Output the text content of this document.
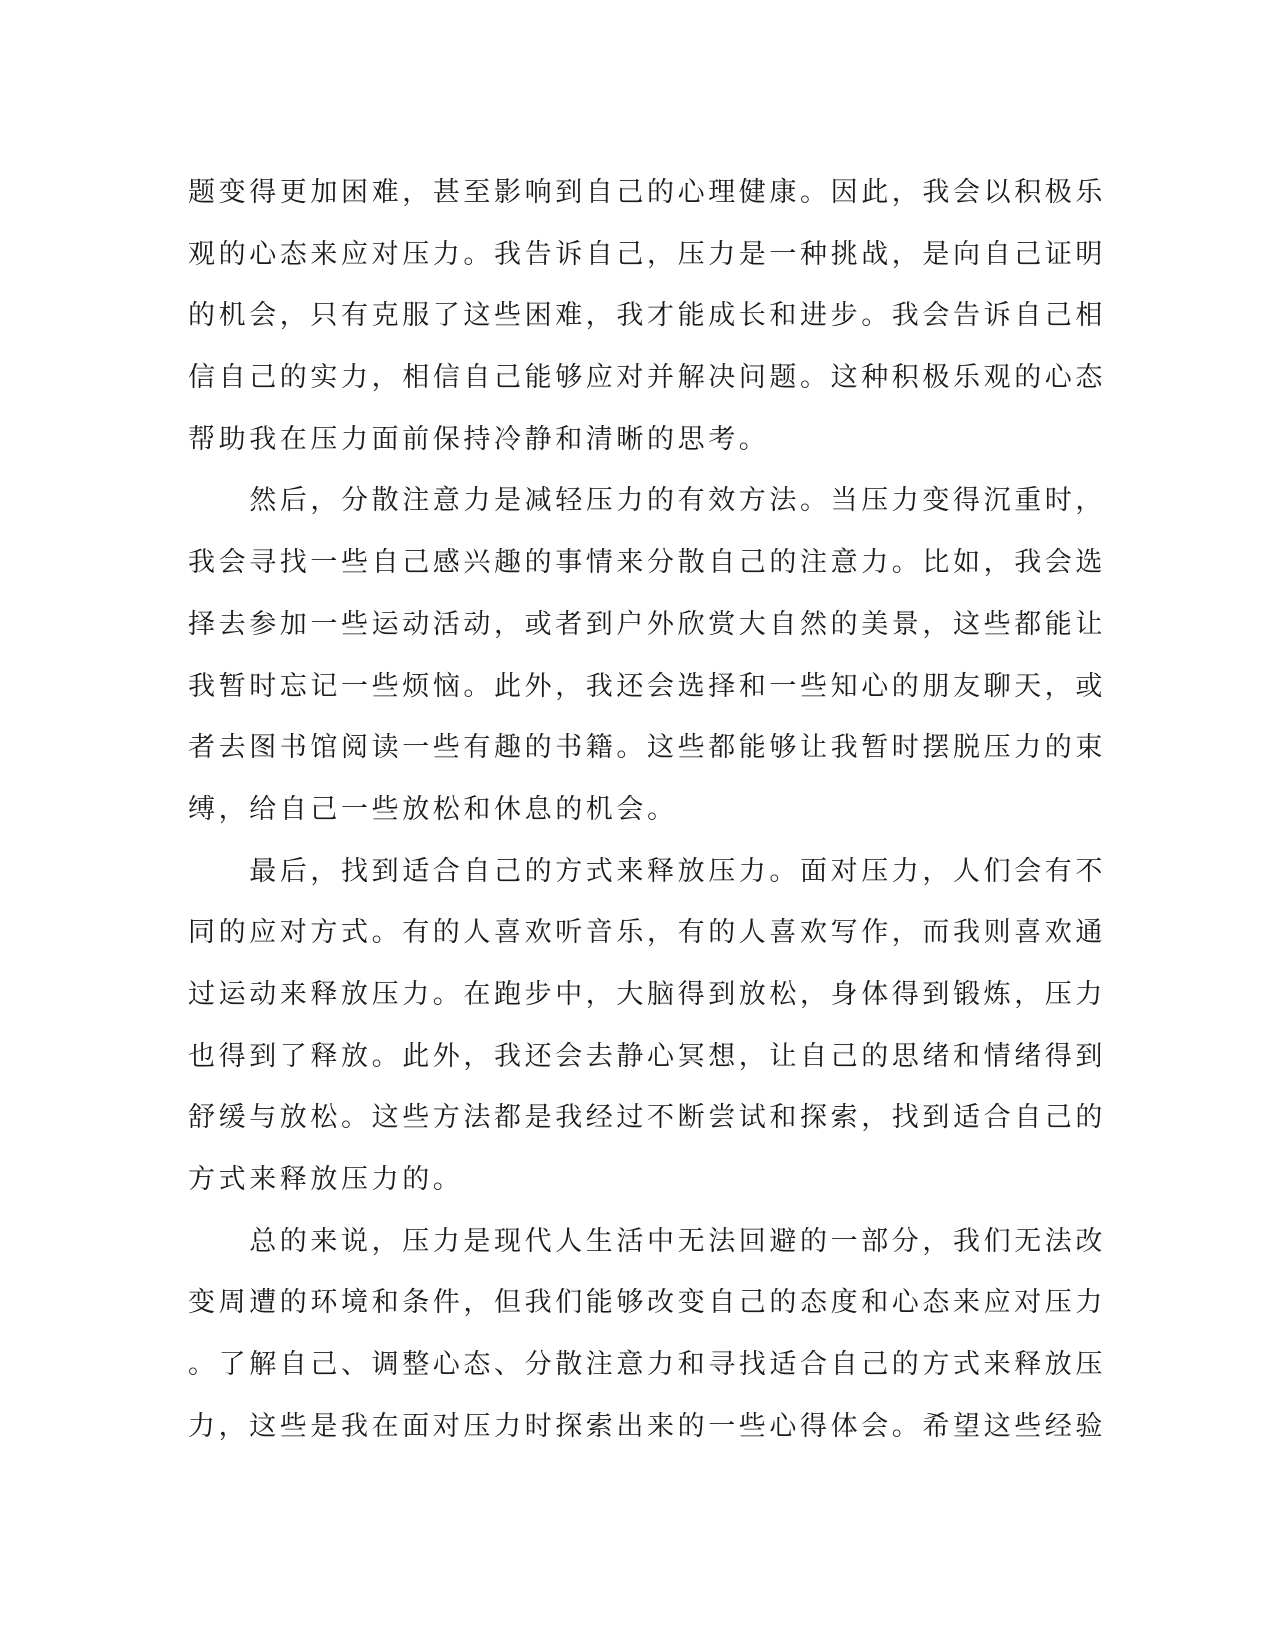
题变得更加困难，甚至影响到自己的心理健康。因此，我会以积极乐
观的心态来应对压力。我告诉自己，压力是一种挑战，是向自己证明
的机会，只有克服了这些困难，我才能成长和进步。我会告诉自己相
信自己的实力，相信自己能够应对并解决问题。这种积极乐观的心态
帮助我在压力面前保持冷静和清晰的思考。
　　然后，分散注意力是减轻压力的有效方法。当压力变得沉重时，
我会寻找一些自己感兴趣的事情来分散自己的注意力。比如，我会选
择去参加一些运动活动，或者到户外欣赏大自然的美景，这些都能让
我暂时忘记一些烦恼。此外，我还会选择和一些知心的朋友聊天，或
者去图书馆阅读一些有趣的书籍。这些都能够让我暂时摆脱压力的束
缚，给自己一些放松和休息的机会。
　　最后，找到适合自己的方式来释放压力。面对压力，人们会有不
同的应对方式。有的人喜欢听音乐，有的人喜欢写作，而我则喜欢通
过运动来释放压力。在跑步中，大脑得到放松，身体得到锻炼，压力
也得到了释放。此外，我还会去静心冥想，让自己的思绪和情绪得到
舒缓与放松。这些方法都是我经过不断尝试和探索，找到适合自己的
方式来释放压力的。
　　总的来说，压力是现代人生活中无法回避的一部分，我们无法改
变周遭的环境和条件，但我们能够改变自己的态度和心态来应对压力
。了解自己、调整心态、分散注意力和寻找适合自己的方式来释放压
力，这些是我在面对压力时探索出来的一些心得体会。希望这些经验
